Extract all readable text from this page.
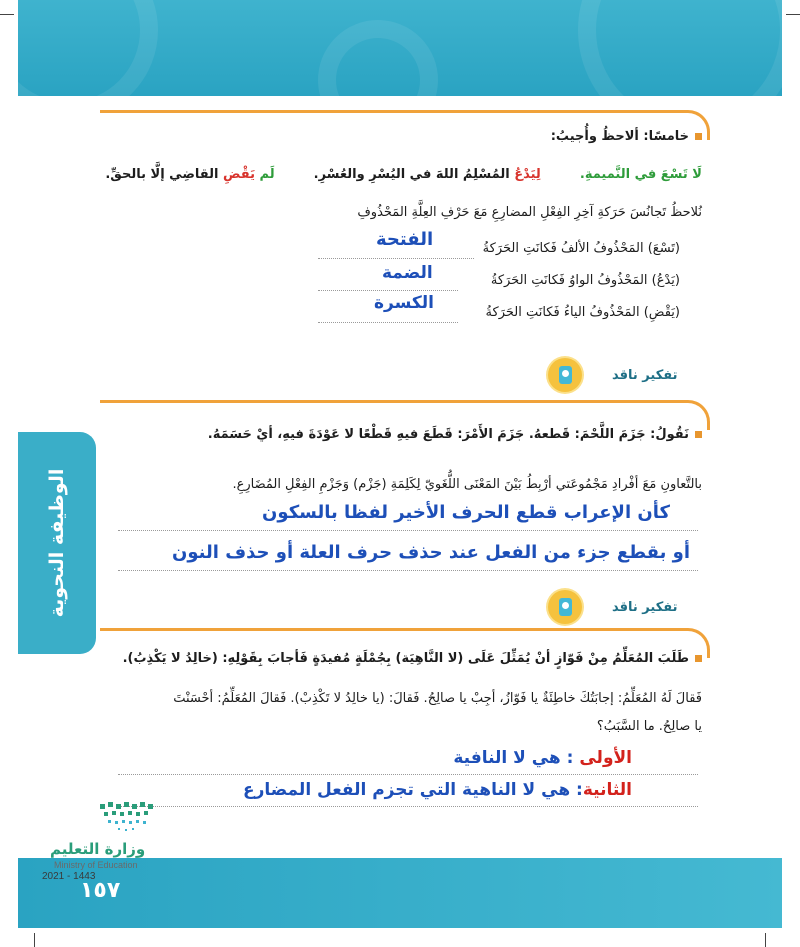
خامسًا: ألاحظُ وأُجيبُ:
لَا تَسْعَ في النَّميمةِ.  لِيَدْعُ المُسْلِمُ اللهَ في اليُسْرِ والعُسْرِ.  لَم يَقْضِ القاضِي إلَّا بالحقِّ.
نُلاحظُ تَجانُسَ حَرَكةِ آخِرِ الفِعْلِ المضارِعِ مَعَ حَرْفِ العِلَّةِ المَحْذُوفِ
(تَسْعَ) المَحْذُوفُ الألفُ فَكانَتِ الحَرَكةُ
الفتحة
(يَدْعُ) المَحْذُوفُ الواوُ فَكانَتِ الحَرَكةُ
الضمة
(يَقْضِ) المَحْذُوفُ الياءُ فَكانَتِ الحَرَكةُ
الكسرة
تفكير ناقد
نَقُولُ: جَزَمَ اللَّحْمَ: قَطعهُ. جَزَمَ الأَمْرَ: قَطَعَ فيهِ قَطْعًا لا عَوْدَةَ فيهِ، أيْ حَسَمَهُ.
بالتَّعاونِ مَعَ أفْرادِ مَجْمُوعَتي أرْبِطُ بَيْنَ المَعْنَى اللُّغَويّ لِكَلِمَةِ (جَزْم) وَجَزْمِ الفِعْلِ المُضَارِعِ.
كأن الإعراب قطع الحرف الأخير لفظا بالسكون
أو بقطع جزء من الفعل عند حذف حرف العلة أو حذف النون
تفكير ناقد
طَلَبَ المُعَلِّمُ مِنْ فَوّازٍ أنْ يُمَثِّلَ عَلَى (لا النَّاهِيَة) بِجُمْلَةٍ مُفيدَةٍ فَأجابَ بِقَوْلِهِ: (خالِدُ لا يَكْذِبُ).
فَقالَ لَهُ المُعَلِّمُ: إجابَتُكَ خاطِئَةٌ يا فَوّازُ، أجِبْ يا صالِحُ. فَقالَ: (يا خالِدُ لا تَكْذِبْ). فَقالَ المُعَلِّمُ: أحْسَنْتَ
يا صالِحُ. ما السَّبَبُ؟
الأولى : هي لا النافية
الثانية: هي لا الناهية التي تجزم الفعل المضارع
الوظيفة النحوية
وزارة التعليم
Ministry of Education
2021 - 1443
١٥٧
